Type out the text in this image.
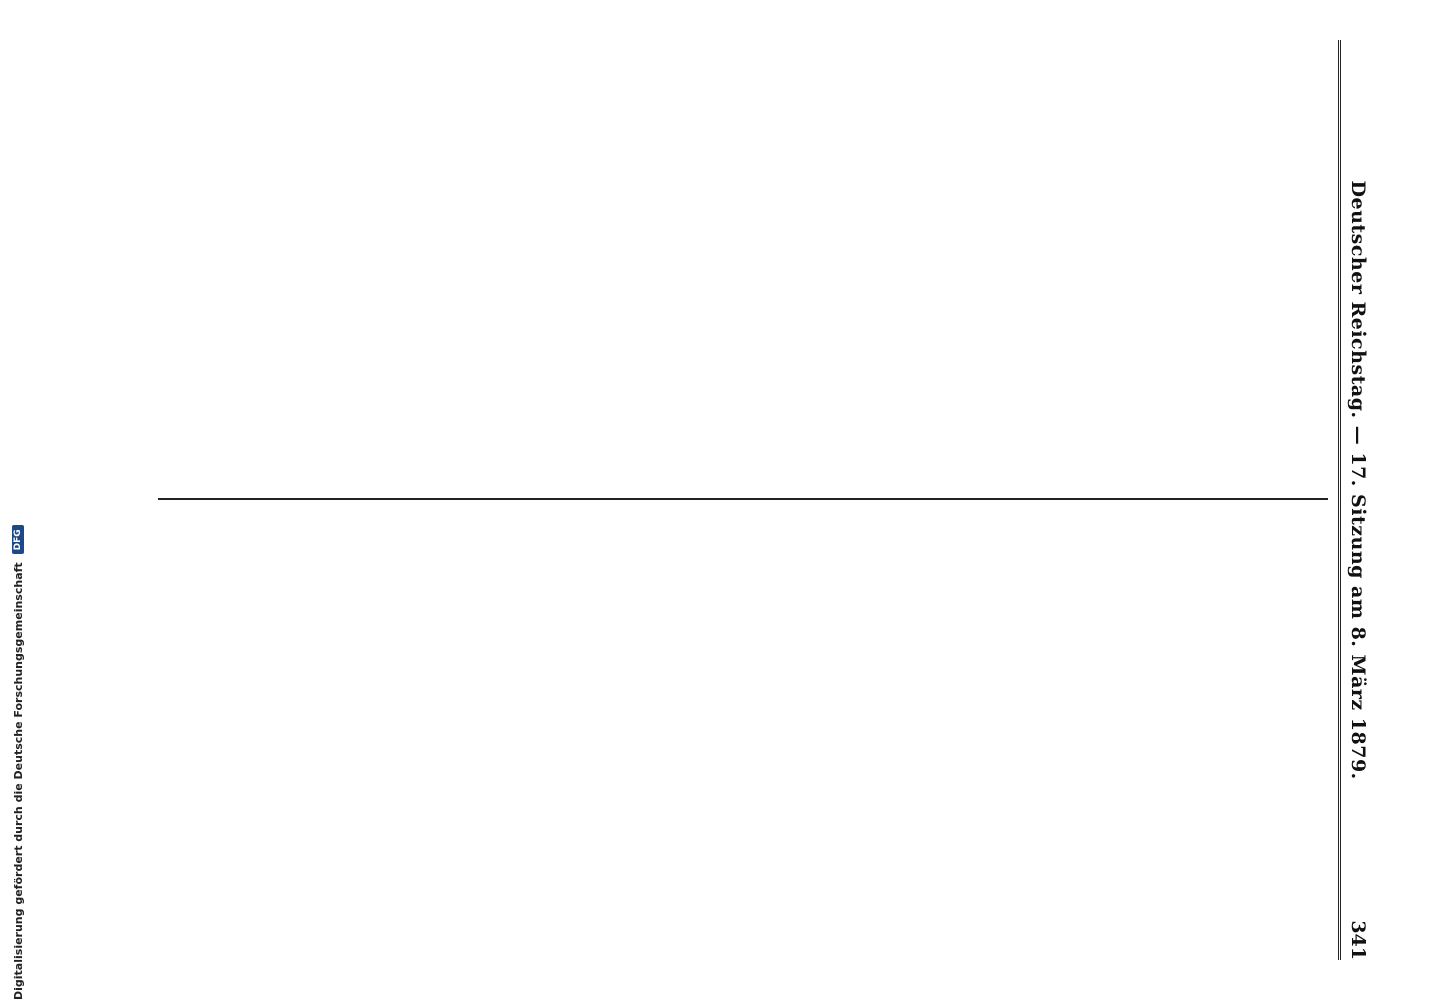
Deutscher Reichstag. — 17. Sitzung am 8. März 1879.
341
Digitalisierung gefördert durch die Deutsche Forschungsgemeinschaft
DFG
